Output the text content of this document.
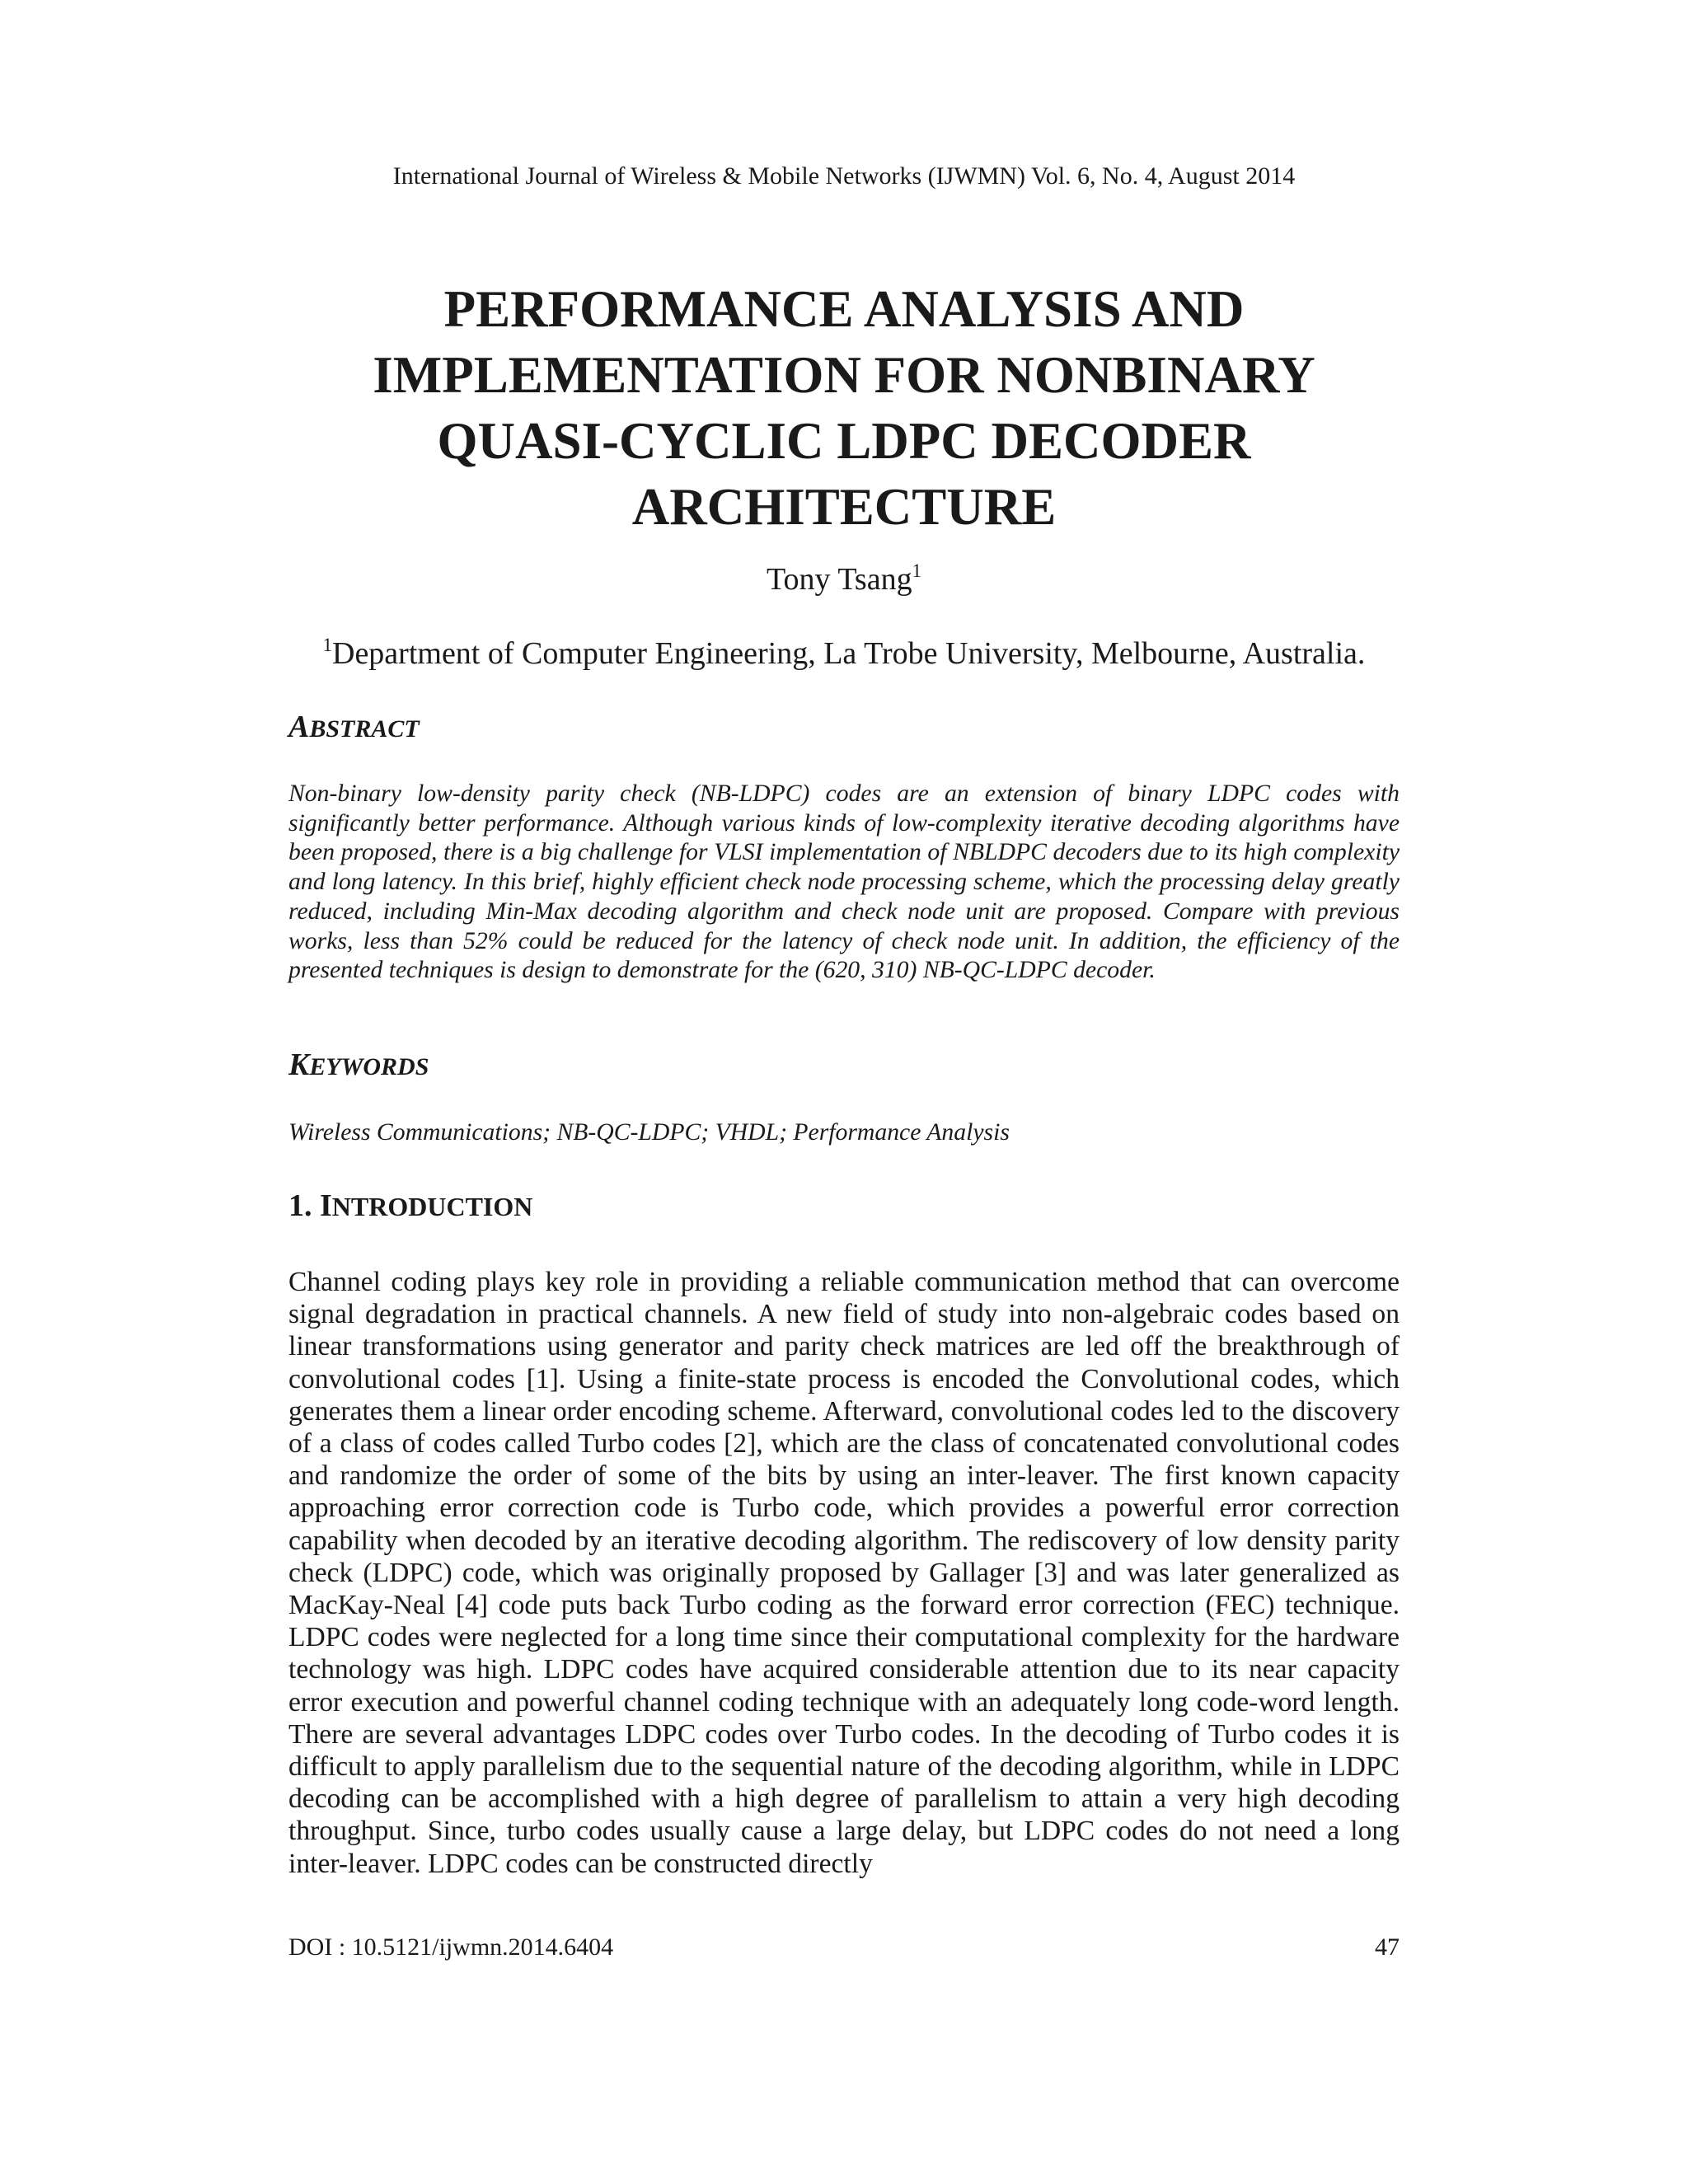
International Journal of Wireless & Mobile Networks (IJWMN) Vol. 6, No. 4, August 2014
PERFORMANCE ANALYSIS AND
IMPLEMENTATION FOR NONBINARY
QUASI-CYCLIC LDPC DECODER
ARCHITECTURE
Tony Tsang$^1$
$^1$Department of Computer Engineering, La Trobe University, Melbourne, Australia.
ABSTRACT

Non-binary low-density parity check (NB-LDPC) codes are an extension of binary LDPC codes with significantly better performance. Although various kinds of low-complexity iterative decoding algorithms have been proposed, there is a big challenge for VLSI implementation of NBLDPC decoders due to its high complexity and long latency. In this brief, highly efficient check node processing scheme, which the processing delay greatly reduced, including Min-Max decoding algorithm and check node unit are proposed. Compare with previous works, less than 52% could be reduced for the latency of check node unit. In addition, the efficiency of the presented techniques is design to demonstrate for the (620, 310) NB-QC-LDPC decoder.

KEYWORDS

Wireless Communications; NB-QC-LDPC; VHDL; Performance Analysis

1. INTRODUCTION

Channel coding plays key role in providing a reliable communication method that can overcome signal degradation in practical channels. A new field of study into non-algebraic codes based on linear transformations using generator and parity check matrices are led off the breakthrough of convolutional codes [1]. Using a finite-state process is encoded the Convolutional codes, which generates them a linear order encoding scheme. Afterward, convolutional codes led to the discovery of a class of codes called Turbo codes [2], which are the class of concatenated convolutional codes and randomize the order of some of the bits by using an inter-leaver. The first known capacity approaching error correction code is Turbo code, which provides a powerful error correction capability when decoded by an iterative decoding algorithm. The rediscovery of low density parity check (LDPC) code, which was originally proposed by Gallager [3] and was later generalized as MacKay-Neal [4] code puts back Turbo coding as the forward error correction (FEC) technique. LDPC codes were neglected for a long time since their computational complexity for the hardware technology was high. LDPC codes have acquired considerable attention due to its near capacity error execution and powerful channel coding technique with an adequately long code-word length. There are several advantages LDPC codes over Turbo codes. In the decoding of Turbo codes it is difficult to apply parallelism due to the sequential nature of the decoding algorithm, while in LDPC decoding can be accomplished with a high degree of parallelism to attain a very high decoding throughput. Since, turbo codes usually cause a large delay, but LDPC codes do not need a long inter-leaver. LDPC codes can be constructed directly

DOI : 10.5121/ijwmn.2014.6404	47
